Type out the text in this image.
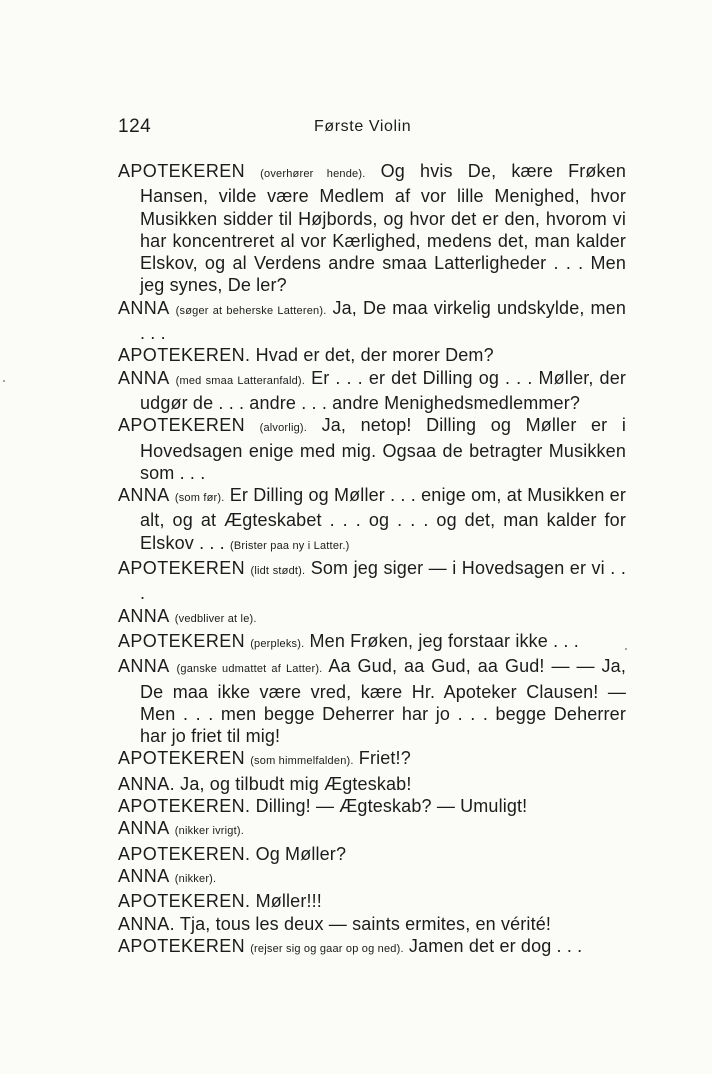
124	Første Violin

APOTEKEREN (overhører hende). Og hvis De, kære Frøken Hansen, vilde være Medlem af vor lille Menighed, hvor Musikken sidder til Højbords, og hvor det er den, hvorom vi har koncentreret al vor Kærlighed, medens det, man kalder Elskov, og al Verdens andre smaa Latterligheder . . . Men jeg synes, De ler?

ANNA (søger at beherske Latteren). Ja, De maa virkelig undskylde, men . . .

APOTEKEREN. Hvad er det, der morer Dem?

ANNA (med smaa Latteranfald). Er . . . er det Dilling og . . . Møller, der udgør de . . . andre . . . andre Menighedsmedlemmer?

APOTEKEREN (alvorlig). Ja, netop! Dilling og Møller er i Hovedsagen enige med mig. Ogsaa de betragter Musikken som . . .

ANNA (som før). Er Dilling og Møller . . . enige om, at Musikken er alt, og at Ægteskabet . . . og . . . og det, man kalder for Elskov . . . (Brister paa ny i Latter.)

APOTEKEREN (lidt stødt). Som jeg siger — i Hovedsagen er vi . . .

ANNA (vedbliver at le).

APOTEKEREN (perpleks). Men Frøken, jeg forstaar ikke . . .

ANNA (ganske udmattet af Latter). Aa Gud, aa Gud, aa Gud! — — Ja, De maa ikke være vred, kære Hr. Apoteker Clausen! — Men . . . men begge Deherrer har jo . . . begge Deherrer har jo friet til mig!

APOTEKEREN (som himmelfalden). Friet!?

ANNA. Ja, og tilbudt mig Ægteskab!

APOTEKEREN. Dilling! — Ægteskab? — Umuligt!

ANNA (nikker ivrigt).

APOTEKEREN. Og Møller?

ANNA (nikker).

APOTEKEREN. Møller!!!

ANNA. Tja, tous les deux — saints ermites, en vérité!

APOTEKEREN (rejser sig og gaar op og ned). Jamen det er dog . . .
